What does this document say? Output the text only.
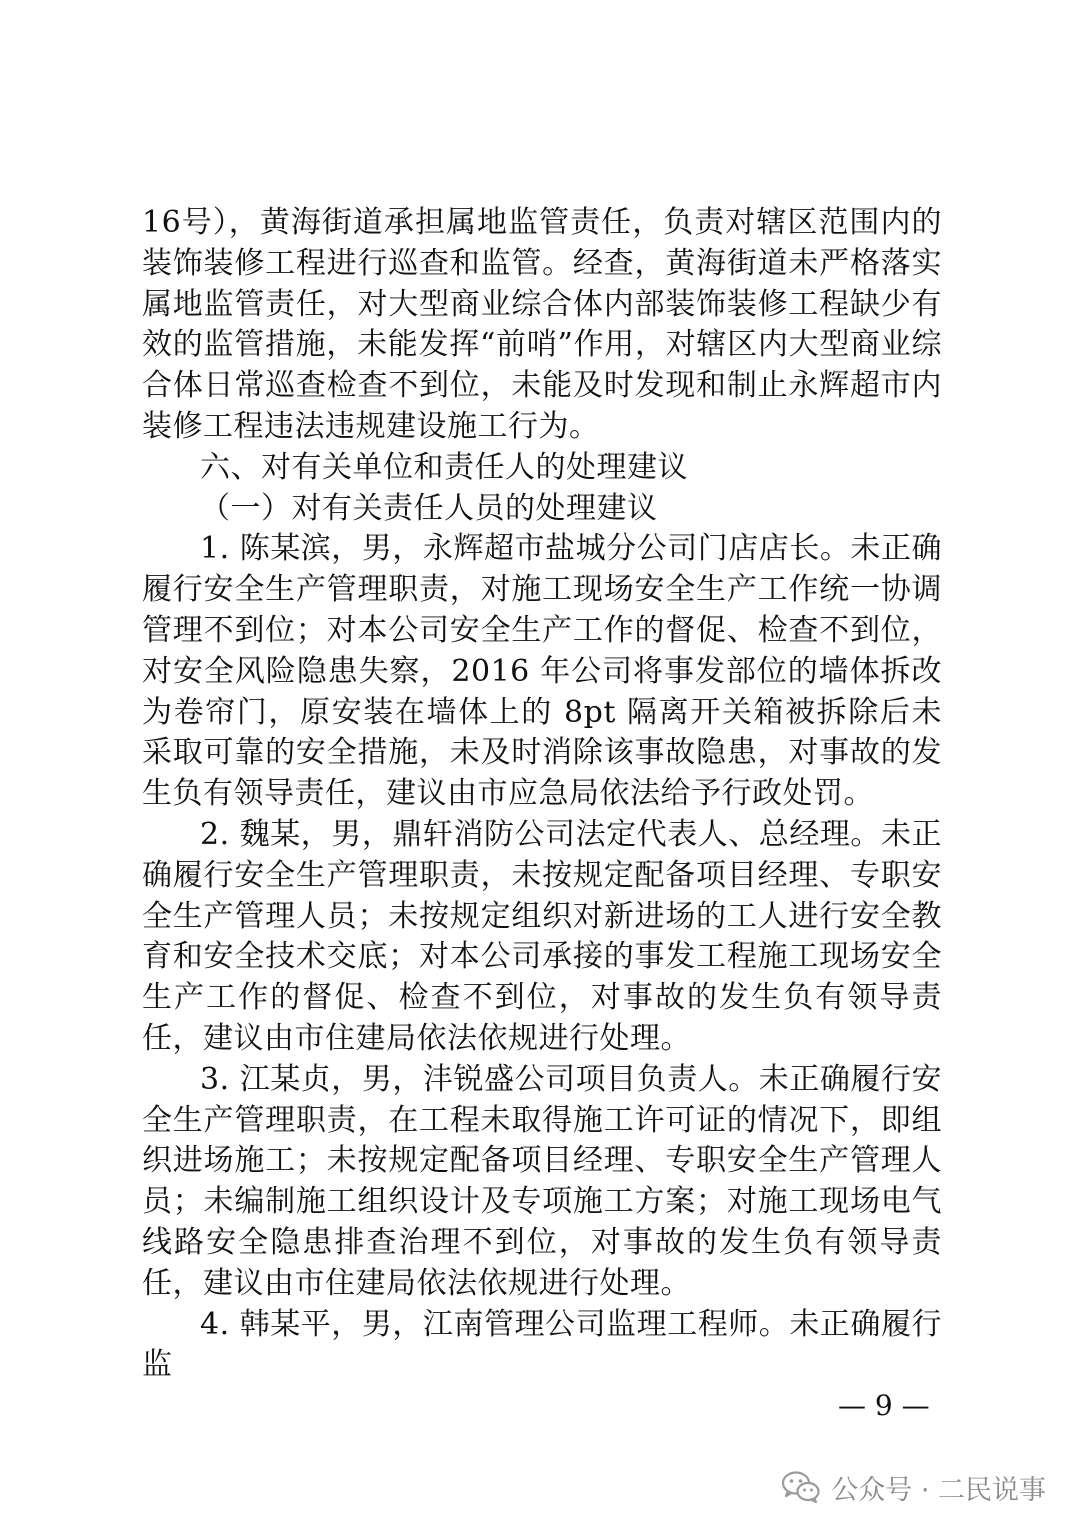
16号），黄海街道承担属地监管责任，负责对辖区范围内的装饰装修工程进行巡查和监管。经查，黄海街道未严格落实属地监管责任，对大型商业综合体内部装饰装修工程缺少有效的监管措施，未能发挥“前哨”作用，对辖区内大型商业综合体日常巡查检查不到位，未能及时发现和制止永辉超市内装修工程违法违规建设施工行为。

六、对有关单位和责任人的处理建议

（一）对有关责任人员的处理建议

1. 陈某滨，男，永辉超市盐城分公司门店店长。未正确履行安全生产管理职责，对施工现场安全生产工作统一协调管理不到位；对本公司安全生产工作的督促、检查不到位，对安全风险隐患失察，2016 年公司将事发部位的墙体拆改为卷帘门，原安装在墙体上的 8pt 隔离开关箱被拆除后未采取可靠的安全措施，未及时消除该事故隐患，对事故的发生负有领导责任，建议由市应急局依法给予行政处罚。

2. 魏某，男，鼎轩消防公司法定代表人、总经理。未正确履行安全生产管理职责，未按规定配备项目经理、专职安全生产管理人员；未按规定组织对新进场的工人进行安全教育和安全技术交底；对本公司承接的事发工程施工现场安全生产工作的督促、检查不到位，对事故的发生负有领导责任，建议由市住建局依法依规进行处理。

3. 江某贞，男，沣锐盛公司项目负责人。未正确履行安全生产管理职责，在工程未取得施工许可证的情况下，即组织进场施工；未按规定配备项目经理、专职安全生产管理人员；未编制施工组织设计及专项施工方案；对施工现场电气线路安全隐患排查治理不到位，对事故的发生负有领导责任，建议由市住建局依法依规进行处理。

4. 韩某平，男，江南管理公司监理工程师。未正确履行监

— 9 —
公众号 · 二民说事
